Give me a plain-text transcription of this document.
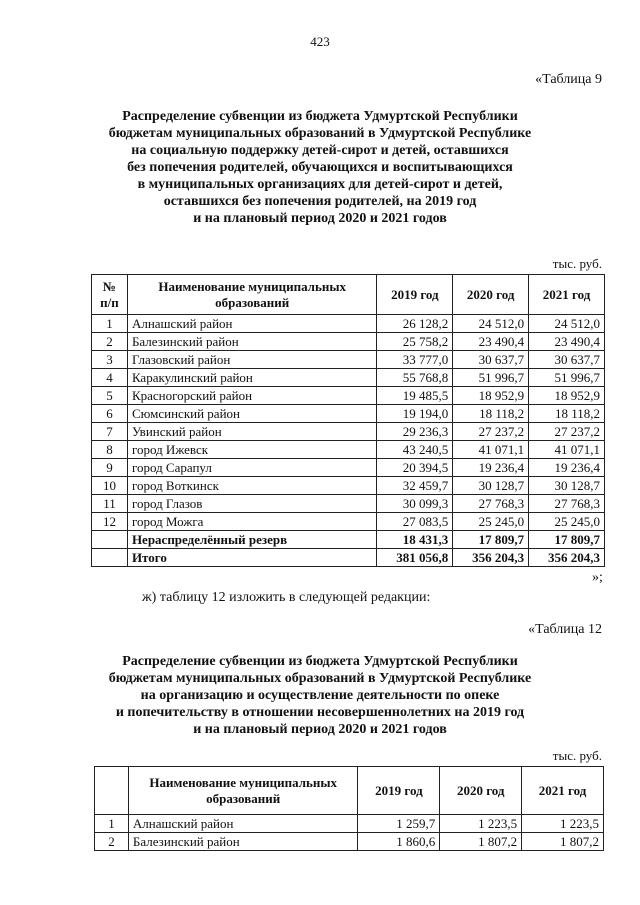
423
«Таблица 9
Распределение субвенции из бюджета Удмуртской Республики
бюджетам муниципальных образований в Удмуртской Республике
на социальную поддержку детей-сирот и детей, оставшихся
без попечения родителей, обучающихся и воспитывающихся
в муниципальных организациях для детей-сирот и детей,
оставшихся без попечения родителей, на 2019 год
и на плановый период 2020 и 2021 годов
тыс. руб.
№ п/п	Наименование муниципальных образований	2019 год	2020 год	2021 год
1	Алнашский район	26 128,2	24 512,0	24 512,0
2	Балезинский район	25 758,2	23 490,4	23 490,4
3	Глазовский район	33 777,0	30 637,7	30 637,7
4	Каракулинский район	55 768,8	51 996,7	51 996,7
5	Красногорский район	19 485,5	18 952,9	18 952,9
6	Сюмсинский район	19 194,0	18 118,2	18 118,2
7	Увинский район	29 236,3	27 237,2	27 237,2
8	город Ижевск	43 240,5	41 071,1	41 071,1
9	город Сарапул	20 394,5	19 236,4	19 236,4
10	город Воткинск	32 459,7	30 128,7	30 128,7
11	город Глазов	30 099,3	27 768,3	27 768,3
12	город Можга	27 083,5	25 245,0	25 245,0
	Нераспределённый резерв	18 431,3	17 809,7	17 809,7
	Итого	381 056,8	356 204,3	356 204,3
»;
ж) таблицу 12 изложить в следующей редакции:
«Таблица 12
Распределение субвенции из бюджета Удмуртской Республики
бюджетам муниципальных образований в Удмуртской Республике
на организацию и осуществление деятельности по опеке
и попечительству в отношении несовершеннолетних на 2019 год
и на плановый период 2020 и 2021 годов
тыс. руб.
	Наименование муниципальных образований	2019 год	2020 год	2021 год
1	Алнашский район	1 259,7	1 223,5	1 223,5
2	Балезинский район	1 860,6	1 807,2	1 807,2
